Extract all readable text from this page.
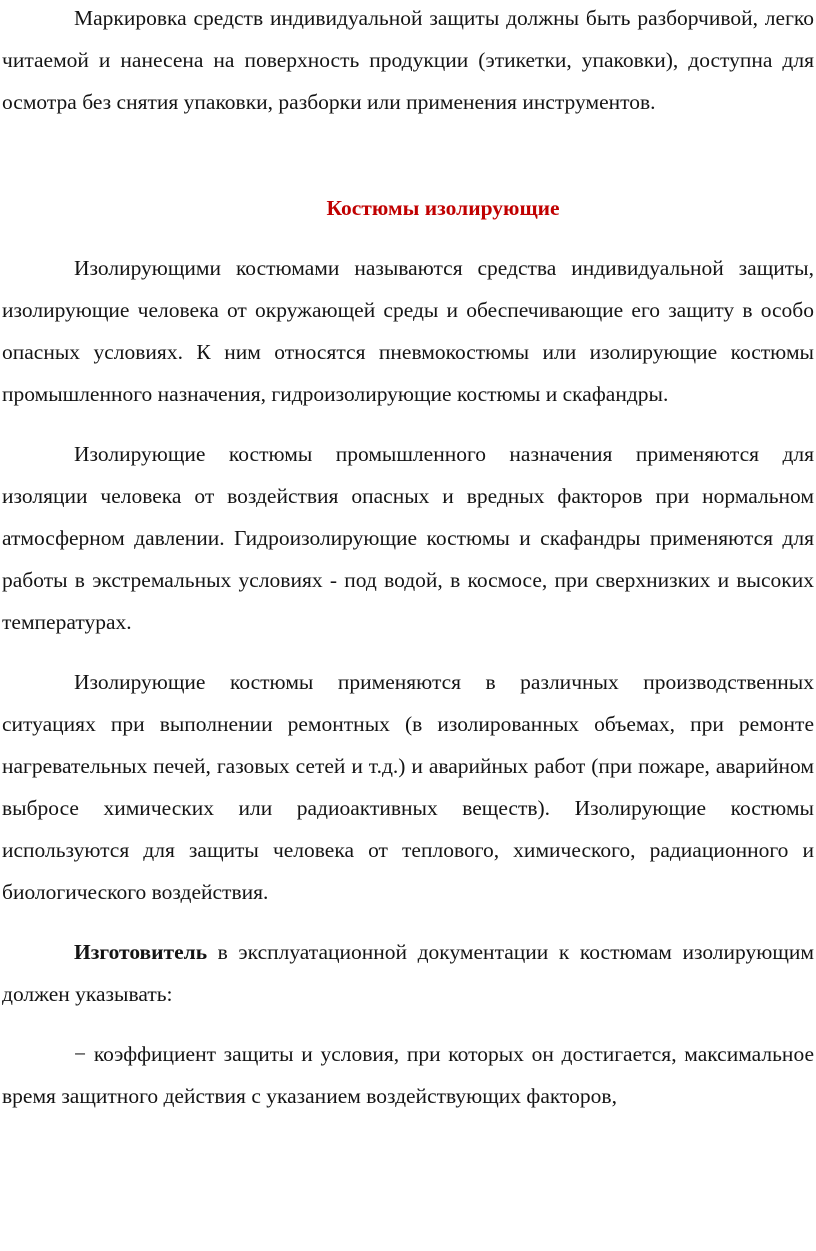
Маркировка средств индивидуальной защиты должны быть разборчивой, легко читаемой и нанесена на поверхность продукции (этикетки, упаковки), доступна для осмотра без снятия упаковки, разборки или применения инструментов.

Костюмы изолирующие

Изолирующими костюмами называются средства индивидуальной защиты, изолирующие человека от окружающей среды и обеспечивающие его защиту в особо опасных условиях. К ним относятся пневмокостюмы или изолирующие костюмы промышленного назначения, гидроизолирующие костюмы и скафандры.

Изолирующие костюмы промышленного назначения применяются для изоляции человека от воздействия опасных и вредных факторов при нормальном атмосферном давлении. Гидроизолирующие костюмы и скафандры применяются для работы в экстремальных условиях - под водой, в космосе, при сверхнизких и высоких температурах.

Изолирующие костюмы применяются в различных производственных ситуациях при выполнении ремонтных (в изолированных объемах, при ремонте нагревательных печей, газовых сетей и т.д.) и аварийных работ (при пожаре, аварийном выбросе химических или радиоактивных веществ). Изолирующие костюмы используются для защиты человека от теплового, химического, радиационного и биологического воздействия.

Изготовитель в эксплуатационной документации к костюмам изолирующим должен указывать:

− коэффициент защиты и условия, при которых он достигается, максимальное время защитного действия с указанием воздействующих факторов,
